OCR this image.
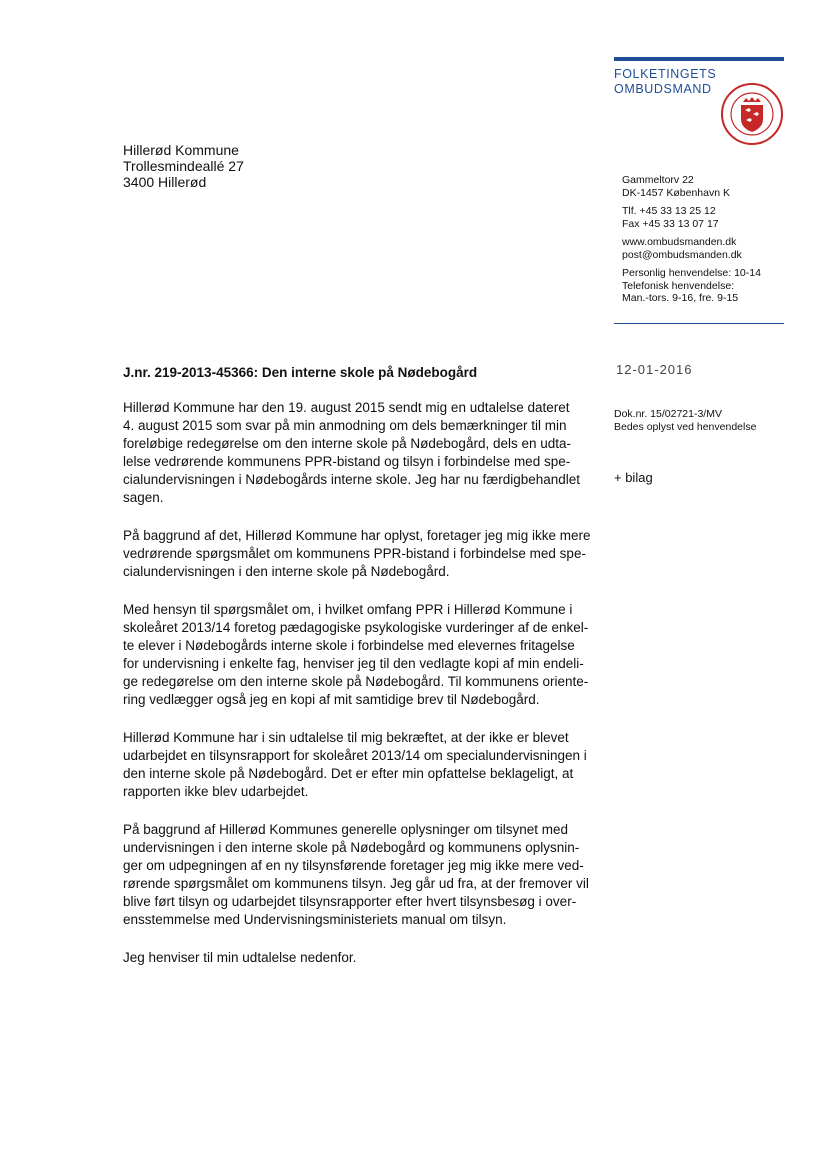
FOLKETINGETS
OMBUDSMAND
Hillerød Kommune
Trollesmindeallé 27
3400 Hillerød	Gammeltorv 22
DK-1457 København K
Tlf. +45 33 13 25 12
Fax +45 33 13 07 17
www.ombudsmanden.dk
post@ombudsmanden.dk
Personlig henvendelse: 10-14
Telefonisk henvendelse:
Man.-tors. 9-16, fre. 9-15
J.nr. 219-2013-45366: Den interne skole på Nødebogård	12-01-2016
Dok.nr. 15/02721-3/MV
Bedes oplyst ved henvendelse
+ bilag

Hillerød Kommune har den 19. august 2015 sendt mig en udtalelse dateret
4. august 2015 som svar på min anmodning om dels bemærkninger til min
foreløbige redegørelse om den interne skole på Nødebogård, dels en udta-
lelse vedrørende kommunens PPR-bistand og tilsyn i forbindelse med spe-
cialundervisningen i Nødebogårds interne skole. Jeg har nu færdigbehandlet
sagen.

På baggrund af det, Hillerød Kommune har oplyst, foretager jeg mig ikke mere
vedrørende spørgsmålet om kommunens PPR-bistand i forbindelse med spe-
cialundervisningen i den interne skole på Nødebogård.

Med hensyn til spørgsmålet om, i hvilket omfang PPR i Hillerød Kommune i
skoleåret 2013/14 foretog pædagogiske psykologiske vurderinger af de enkel-
te elever i Nødebogårds interne skole i forbindelse med elevernes fritagelse
for undervisning i enkelte fag, henviser jeg til den vedlagte kopi af min endeli-
ge redegørelse om den interne skole på Nødebogård. Til kommunens oriente-
ring vedlægger også jeg en kopi af mit samtidige brev til Nødebogård.

Hillerød Kommune har i sin udtalelse til mig bekræftet, at der ikke er blevet
udarbejdet en tilsynsrapport for skoleåret 2013/14 om specialundervisningen i
den interne skole på Nødebogård. Det er efter min opfattelse beklageligt, at
rapporten ikke blev udarbejdet.

På baggrund af Hillerød Kommunes generelle oplysninger om tilsynet med
undervisningen i den interne skole på Nødebogård og kommunens oplysnin-
ger om udpegningen af en ny tilsynsførende foretager jeg mig ikke mere ved-
rørende spørgsmålet om kommunens tilsyn. Jeg går ud fra, at der fremover vil
blive ført tilsyn og udarbejdet tilsynsrapporter efter hvert tilsynsbesøg i over-
ensstemmelse med Undervisningsministeriets manual om tilsyn.

Jeg henviser til min udtalelse nedenfor.
